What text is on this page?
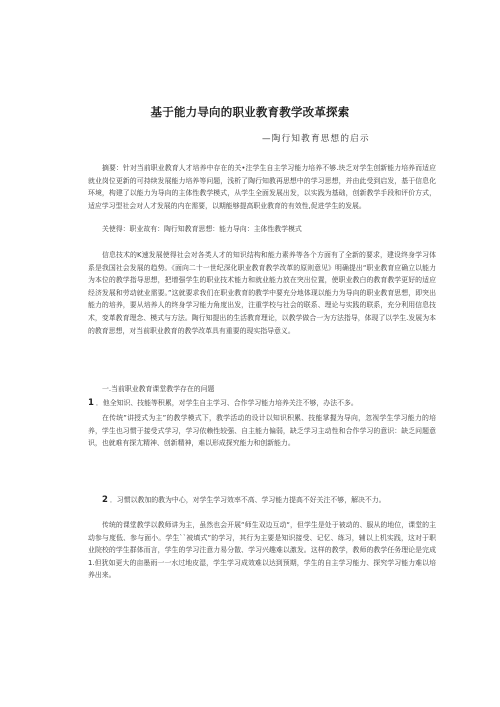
基于能力导向的职业教育教学改革探索
—陶行知教育思想的启示

摘要：针对当前职业教育人才培养中存在的关•注学生自主学习能力培养不够.块乏对学生创新能力培养而适应就业岗位更新的可持续发展能力培养等问题，浅析了陶行知教再思想中的学习思想，并由此受到启发，基于信息化环境，构建了以能力为导向的主体性教学模式，从学生全面发展出发，以实践为基础，创新教学手段和评价方式，适应学习型社会对人才发展的内在需要，以期能够提高职业教育的有效性,促进学生的发展。

关使得：职业故有：陶行知教育思想：能力导向：主体性教学模式

信息技术的K速发展使得社会对各类人才的知识结构和能力素养等各个方面有了全新的要求，建设终身学习体系是我国社会发展的趋势。《面向二十一世纪深化职业教育教学改革的原则意见》明确提出“职业教育应确立以能力为本位的教学指导思想，把增强学生的职业技术能力和就业能力放在突出位置，使职业教白的教育教学更好的适应经济发展和劳动就业需要。”这就要求我们在职业教育的教学中要充分地体现以能力为导向的职业教育思想，即突出能力的培养，要从培养人的终身学习能力角度出发，注重学校与社会的联系、理论与实践的联系，充分利用信息技术，变革教育理念、模式与方法。陶行知提出的生活教育理论，以教学做合一为方法指导，体现了以学生.发展为本的教育思想，对当前职业教育的教学改革具有重要的现实指导意义。

一.当前职业教育课堂教学存在的问题

1 ．他全知识、技能等积累，对学生自主学习、合作学习能力培养关注不够，办法不多。

在传统”讲授式为主”的教学模式下，教学活动的设计以知识积累、技能掌握为导向，忽视学生学习能力的培养，学生也习惯于接受式学习，学习依赖性较强、自主能力偏弱，缺乏学习主动性和合作学习的意识：缺乏问题意识，也就难有探尢精神、创新精神，难以形成探究能力和创新能力。

2 ．习惯以教加的教为中心，对学生学习效率不高、学习能力提高不好关注不够，解决不力。

传统的课堂教学以教师讲为主，虽然也会开展“师生双边互动“，但学生是处于被动的、服从的地位，课堂的主动参与度低、参与面小。学生``被填式”的学习，其行为主要是知识接受、记忆、练习，辅以上机实践，这对于职业院校的学生群体而言，学生的学习注意力易分散、学习兴趣难以激发。这样的教学，教师的教学任务理论是完成1.但犹如更大的亩墨雨一一水过地皮湿，学生学习成效难以达到预期，学生的自主学习能力、探究学习能力难以培养出来。
